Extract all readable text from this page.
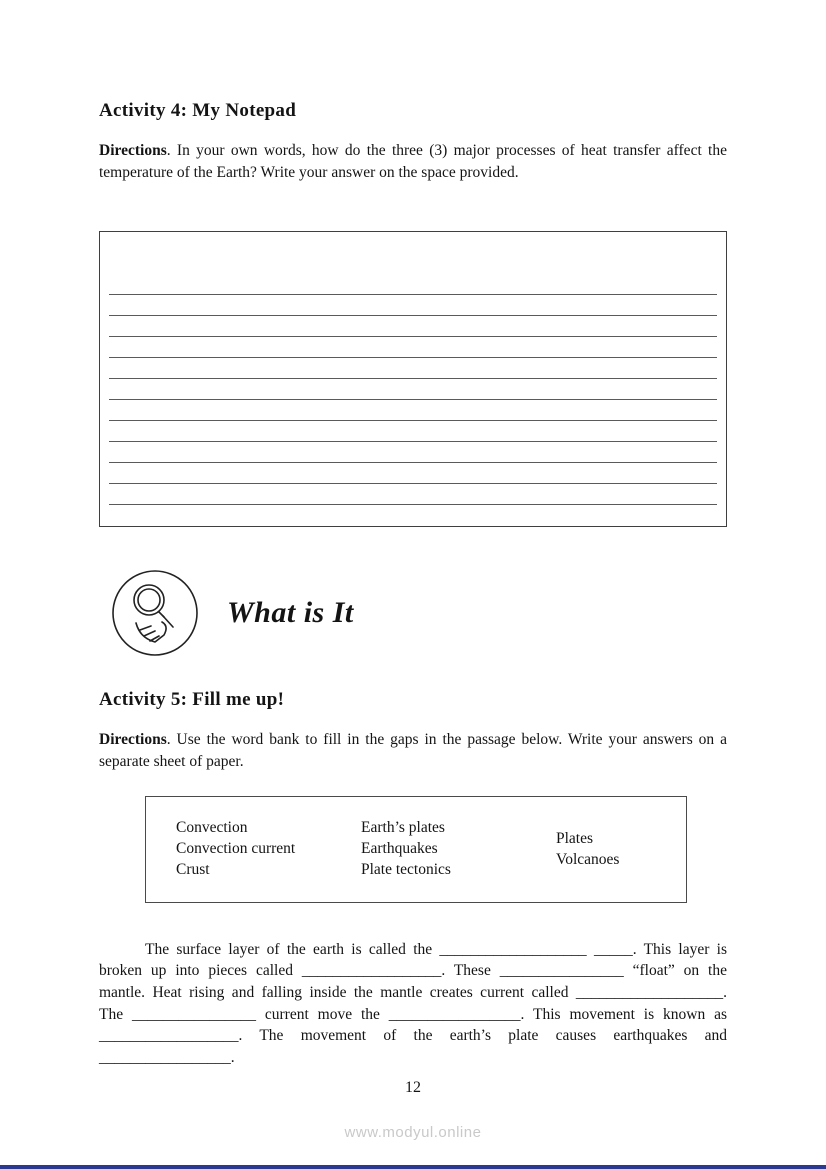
Activity 4: My Notepad

Directions. In your own words, how do the three (3) major processes of heat transfer affect the temperature of the Earth? Write your answer on the space provided.

What is It
Activity 5: Fill me up!

Directions. Use the word bank to fill in the gaps in the passage below. Write your answers on a separate sheet of paper.

Convection
Convection current
Crust
Earth’s plates
Earthquakes
Plate tectonics
Plates
Volcanoes

The surface layer of the earth is called the ___________________ _____. This layer is broken up into pieces called __________________. These ________________ “float” on the mantle. Heat rising and falling inside the mantle creates current called ___________________. The ________________ current move the _________________. This movement is known as __________________. The movement of the earth’s plate causes earthquakes and _________________.

12
www.modyul.online
